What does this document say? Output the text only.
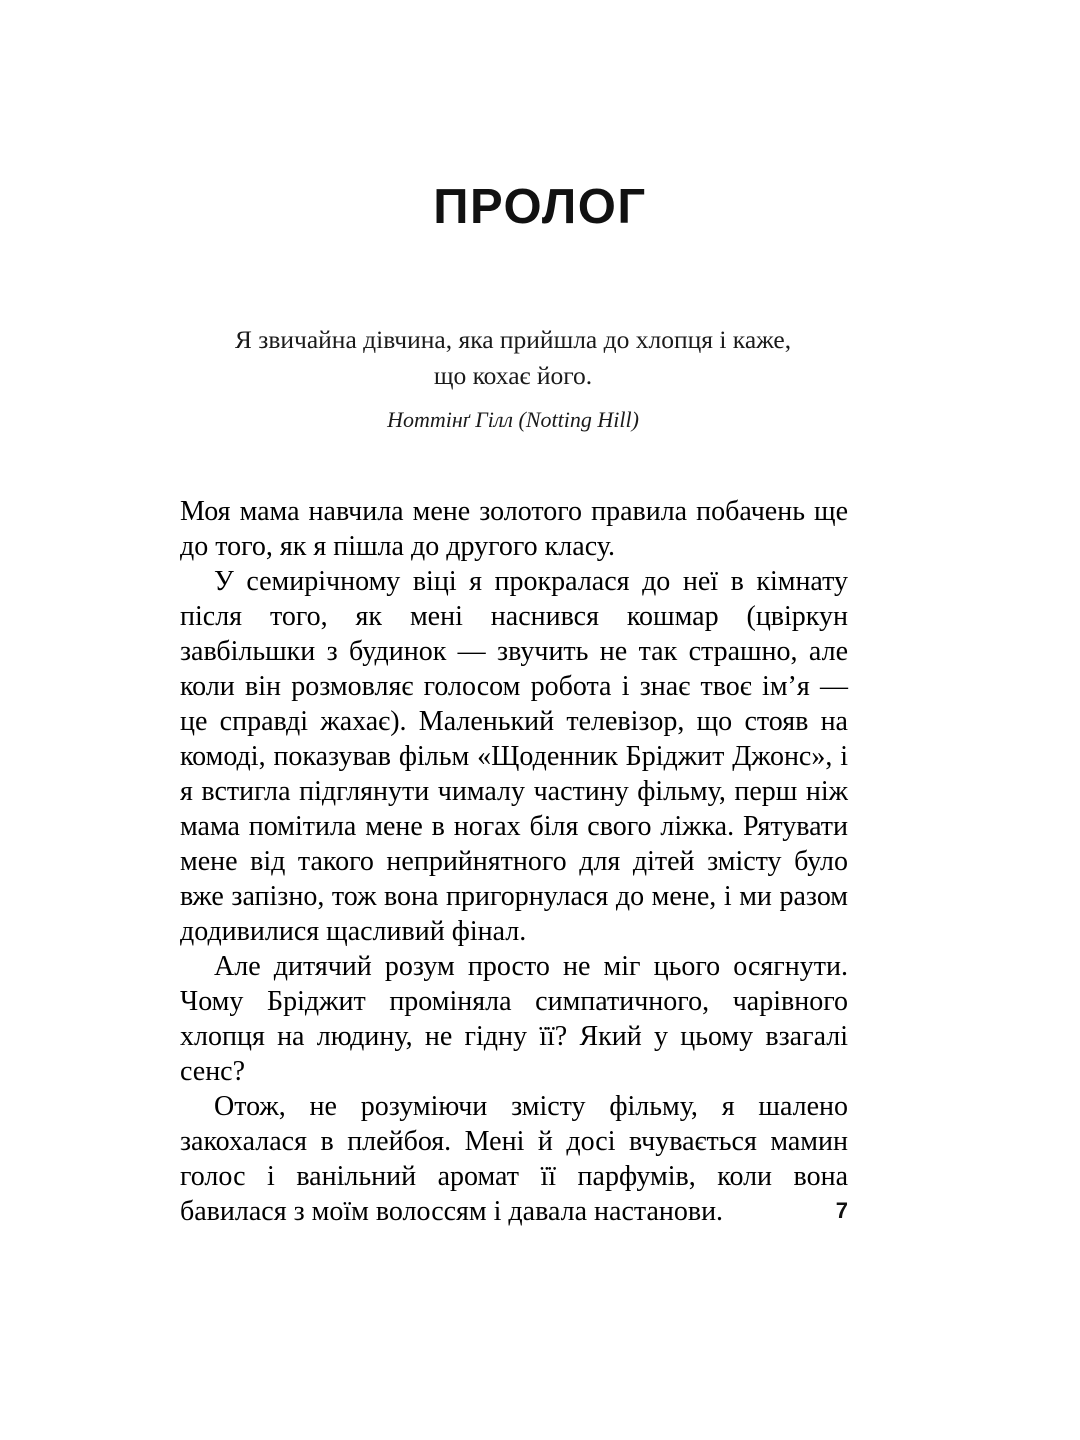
ПРОЛОГ
Я звичайна дівчина, яка прийшла до хлопця і каже,
що кохає його.
Ноттінґ Гілл (Notting Hill)

Моя мама навчила мене золотого правила побачень ще до того, як я пішла до другого класу.

У семирічному віці я прокралася до неї в кімнату після того, як мені наснився кошмар (цвіркун завбільшки з будинок — звучить не так страшно, але коли він розмовляє голосом робота і знає твоє ім’я — це справді жахає). Маленький телевізор, що стояв на комоді, показував фільм «Щоденник Бріджит Джонс», і я встигла підглянути чималу частину фільму, перш ніж мама помітила мене в ногах біля свого ліжка. Рятувати мене від такого неприйнятного для дітей змісту було вже запізно, тож вона пригорнулася до мене, і ми разом додивилися щасливий фінал.

Але дитячий розум просто не міг цього осягнути. Чому Бріджит проміняла симпатичного, чарівного хлопця на людину, не гідну її? Який у цьому взагалі сенс?

Отож, не розуміючи змісту фільму, я шалено закохалася в плейбоя. Мені й досі вчувається мамин голос і ванільний аромат її парфумів, коли вона бавилася з моїм волоссям і давала настанови.	7
